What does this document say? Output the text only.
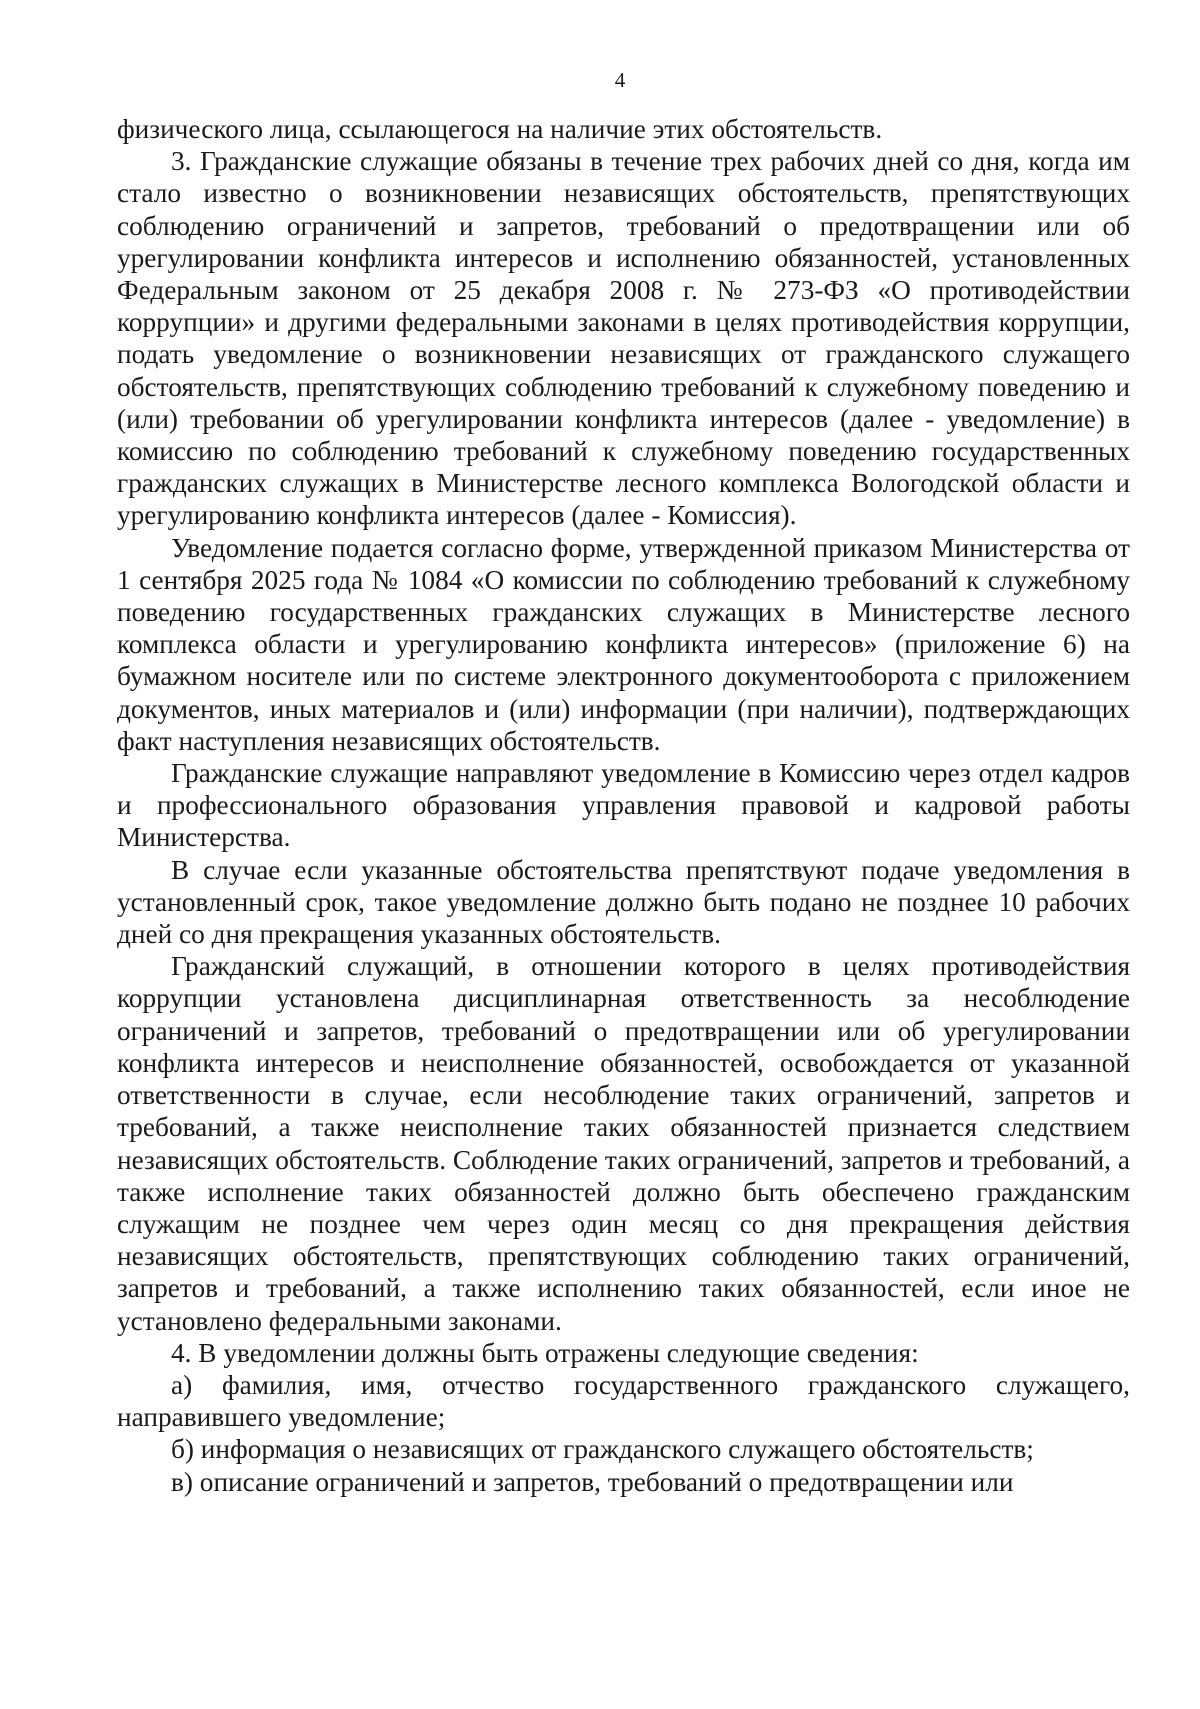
4

физического лица, ссылающегося на наличие этих обстоятельств.

3. Гражданские служащие обязаны в течение трех рабочих дней со дня, когда им стало известно о возникновении независящих обстоятельств, препятствующих соблюдению ограничений и запретов, требований о предотвращении или об урегулировании конфликта интересов и исполнению обязанностей, установленных Федеральным законом от 25 декабря 2008 г. № 273-ФЗ «О противодействии коррупции» и другими федеральными законами в целях противодействия коррупции, подать уведомление о возникновении независящих от гражданского служащего обстоятельств, препятствующих соблюдению требований к служебному поведению и (или) требовании об урегулировании конфликта интересов (далее - уведомление) в комиссию по соблюдению требований к служебному поведению государственных гражданских служащих в Министерстве лесного комплекса Вологодской области и урегулированию конфликта интересов (далее - Комиссия).

Уведомление подается согласно форме, утвержденной приказом Министерства от 1 сентября 2025 года № 1084 «О комиссии по соблюдению требований к служебному поведению государственных гражданских служащих в Министерстве лесного комплекса области и урегулированию конфликта интересов» (приложение 6) на бумажном носителе или по системе электронного документооборота с приложением документов, иных материалов и (или) информации (при наличии), подтверждающих факт наступления независящих обстоятельств.

Гражданские служащие направляют уведомление в Комиссию через отдел кадров и профессионального образования управления правовой и кадровой работы Министерства.

В случае если указанные обстоятельства препятствуют подаче уведомления в установленный срок, такое уведомление должно быть подано не позднее 10 рабочих дней со дня прекращения указанных обстоятельств.

Гражданский служащий, в отношении которого в целях противодействия коррупции установлена дисциплинарная ответственность за несоблюдение ограничений и запретов, требований о предотвращении или об урегулировании конфликта интересов и неисполнение обязанностей, освобождается от указанной ответственности в случае, если несоблюдение таких ограничений, запретов и требований, а также неисполнение таких обязанностей признается следствием независящих обстоятельств. Соблюдение таких ограничений, запретов и требований, а также исполнение таких обязанностей должно быть обеспечено гражданским служащим не позднее чем через один месяц со дня прекращения действия независящих обстоятельств, препятствующих соблюдению таких ограничений, запретов и требований, а также исполнению таких обязанностей, если иное не установлено федеральными законами.

4. В уведомлении должны быть отражены следующие сведения:

а) фамилия, имя, отчество государственного гражданского служащего, направившего уведомление;

б) информация о независящих от гражданского служащего обстоятельств;

в) описание ограничений и запретов, требований о предотвращении или
